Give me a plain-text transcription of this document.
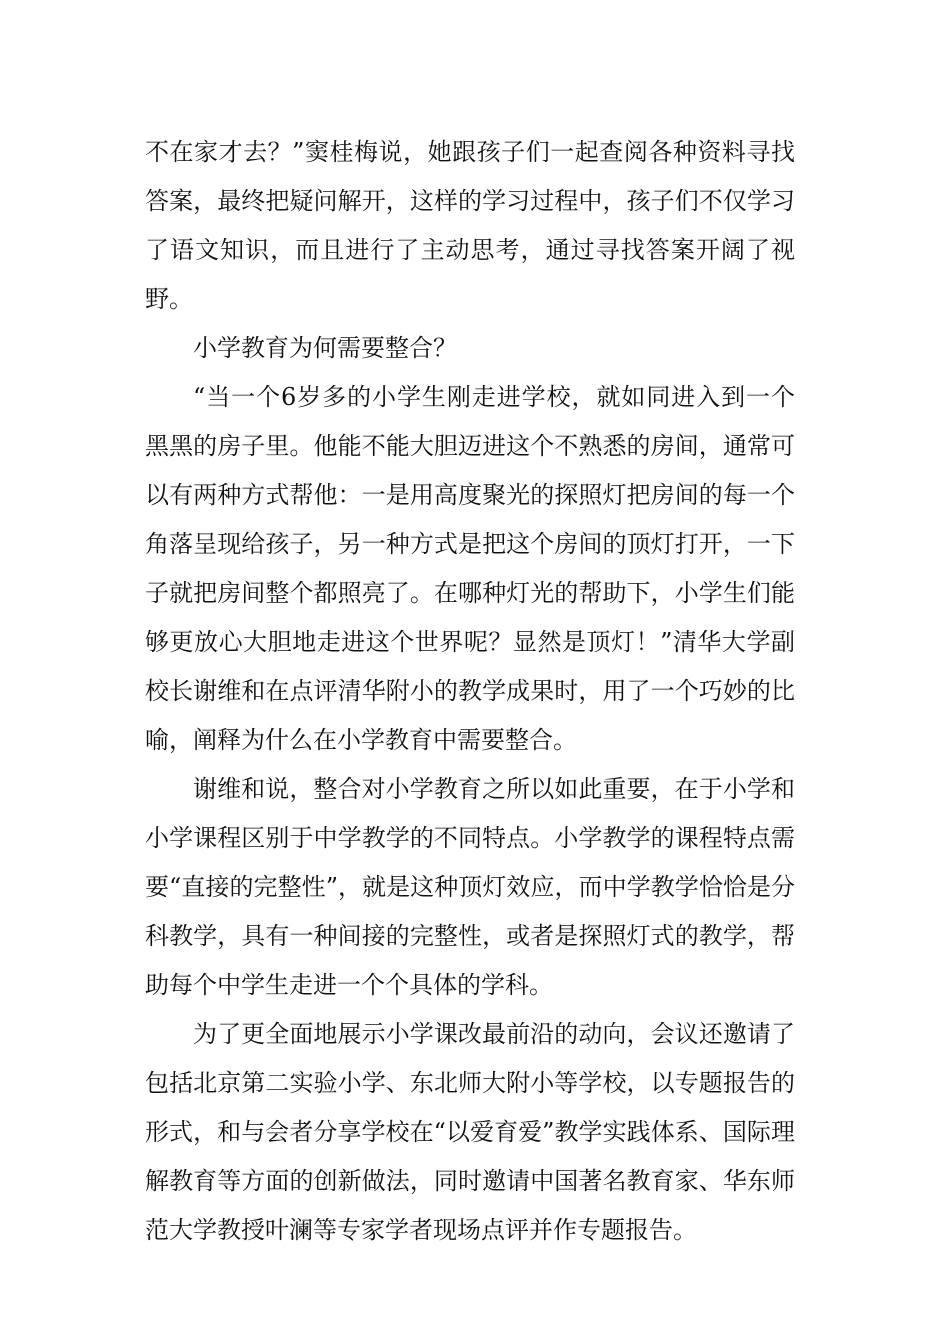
不在家才去？”窦桂梅说，她跟孩子们一起查阅各种资料寻找答案，最终把疑问解开，这样的学习过程中，孩子们不仅学习了语文知识，而且进行了主动思考，通过寻找答案开阔了视野。

小学教育为何需要整合？

“当一个6岁多的小学生刚走进学校，就如同进入到一个黑黑的房子里。他能不能大胆迈进这个不熟悉的房间，通常可以有两种方式帮他：一是用高度聚光的探照灯把房间的每一个角落呈现给孩子，另一种方式是把这个房间的顶灯打开，一下子就把房间整个都照亮了。在哪种灯光的帮助下，小学生们能够更放心大胆地走进这个世界呢？显然是顶灯！”清华大学副校长谢维和在点评清华附小的教学成果时，用了一个巧妙的比喻，阐释为什么在小学教育中需要整合。

谢维和说，整合对小学教育之所以如此重要，在于小学和小学课程区别于中学教学的不同特点。小学教学的课程特点需要“直接的完整性”，就是这种顶灯效应，而中学教学恰恰是分科教学，具有一种间接的完整性，或者是探照灯式的教学，帮助每个中学生走进一个个具体的学科。

为了更全面地展示小学课改最前沿的动向，会议还邀请了包括北京第二实验小学、东北师大附小等学校，以专题报告的形式，和与会者分享学校在“以爱育爱”教学实践体系、国际理解教育等方面的创新做法，同时邀请中国著名教育家、华东师范大学教授叶澜等专家学者现场点评并作专题报告。
